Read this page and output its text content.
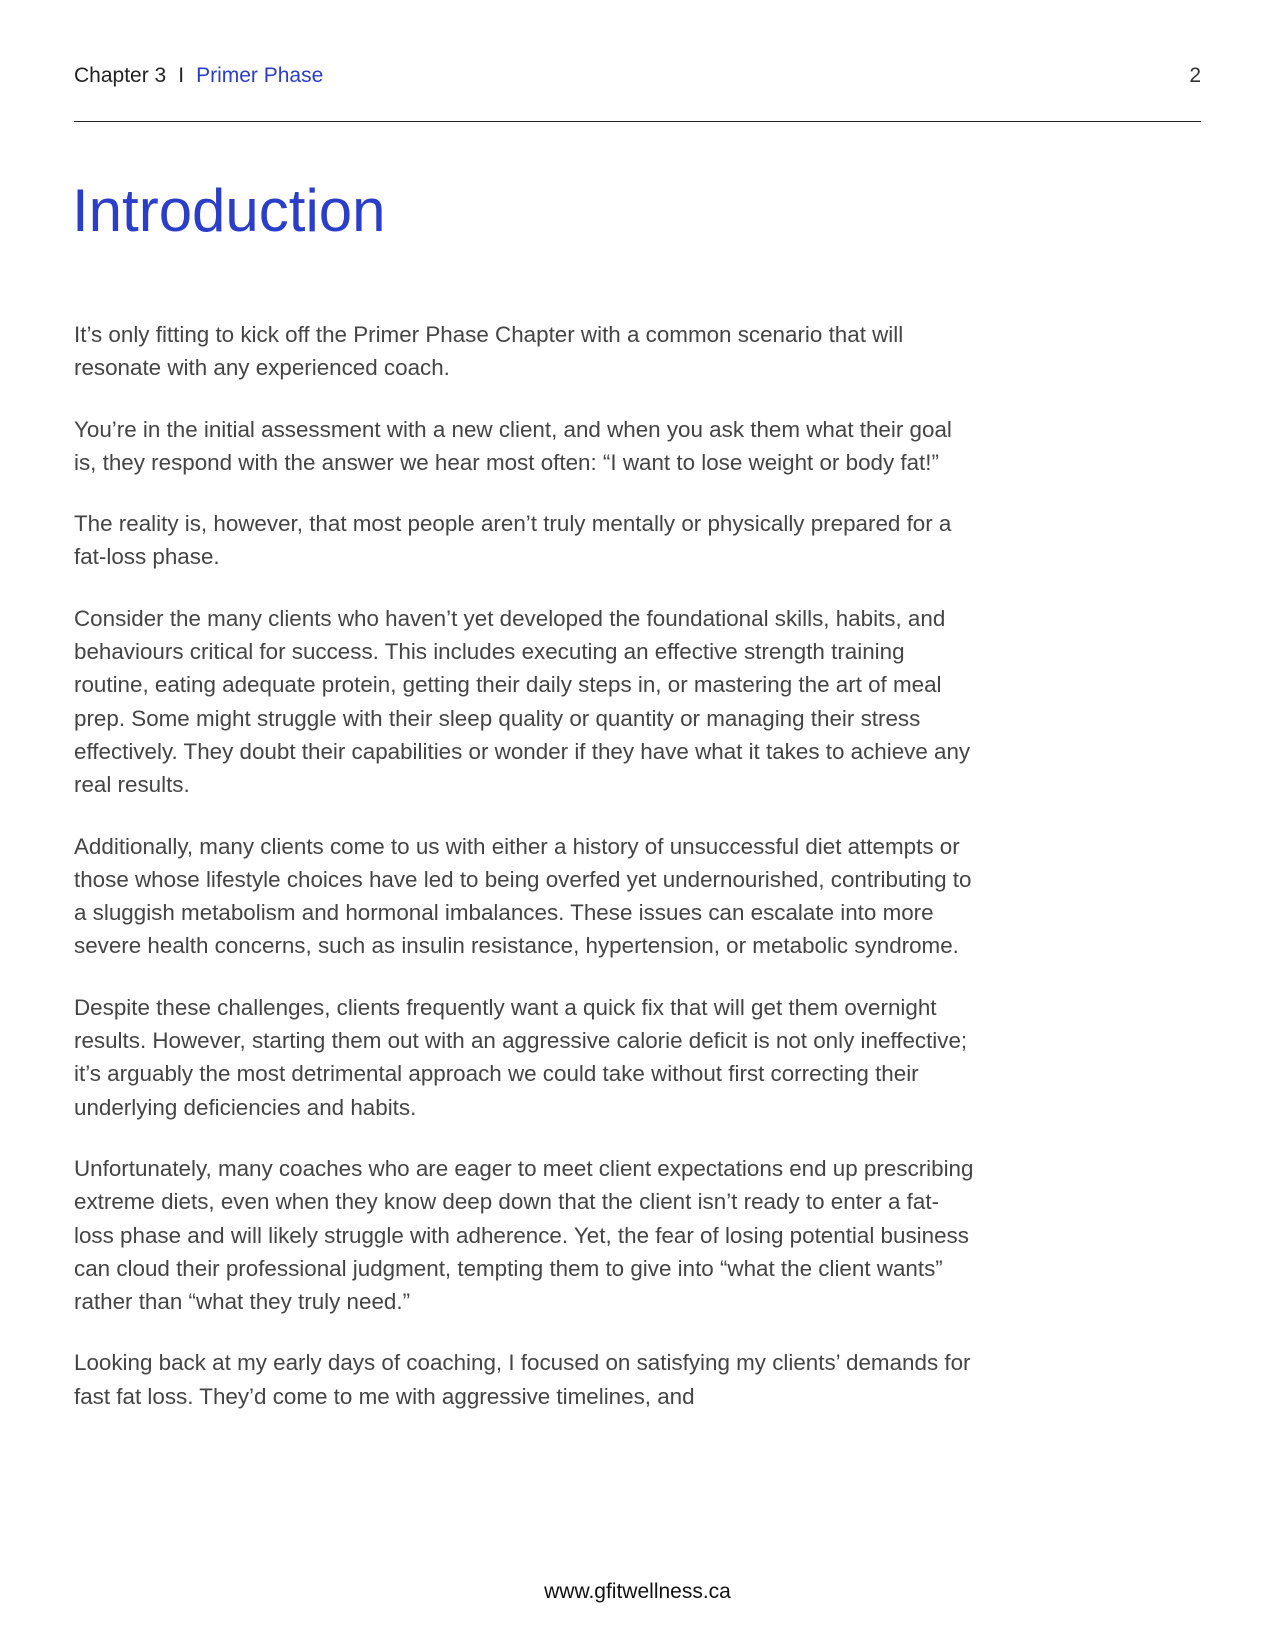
Chapter 3 I Primer Phase	2
Introduction

It’s only fitting to kick off the Primer Phase Chapter with a common scenario that will resonate with any experienced coach.

You’re in the initial assessment with a new client, and when you ask them what their goal is, they respond with the answer we hear most often: “I want to lose weight or body fat!”

The reality is, however, that most people aren’t truly mentally or physically prepared for a fat-loss phase.

Consider the many clients who haven’t yet developed the foundational skills, habits, and behaviours critical for success. This includes executing an effective strength training routine, eating adequate protein, getting their daily steps in, or mastering the art of meal prep. Some might struggle with their sleep quality or quantity or managing their stress effectively. They doubt their capabilities or wonder if they have what it takes to achieve any real results.

Additionally, many clients come to us with either a history of unsuccessful diet attempts or those whose lifestyle choices have led to being overfed yet undernourished, contributing to a sluggish metabolism and hormonal imbalances. These issues can escalate into more severe health concerns, such as insulin resistance, hypertension, or metabolic syndrome.

Despite these challenges, clients frequently want a quick fix that will get them overnight results. However, starting them out with an aggressive calorie deficit is not only ineffective; it’s arguably the most detrimental approach we could take without first correcting their underlying deficiencies and habits.

Unfortunately, many coaches who are eager to meet client expectations end up prescribing extreme diets, even when they know deep down that the client isn’t ready to enter a fat-loss phase and will likely struggle with adherence. Yet, the fear of losing potential business can cloud their professional judgment, tempting them to give into “what the client wants” rather than “what they truly need.”

Looking back at my early days of coaching, I focused on satisfying my clients’ demands for fast fat loss. They’d come to me with aggressive timelines, and

www.gfitwellness.ca
